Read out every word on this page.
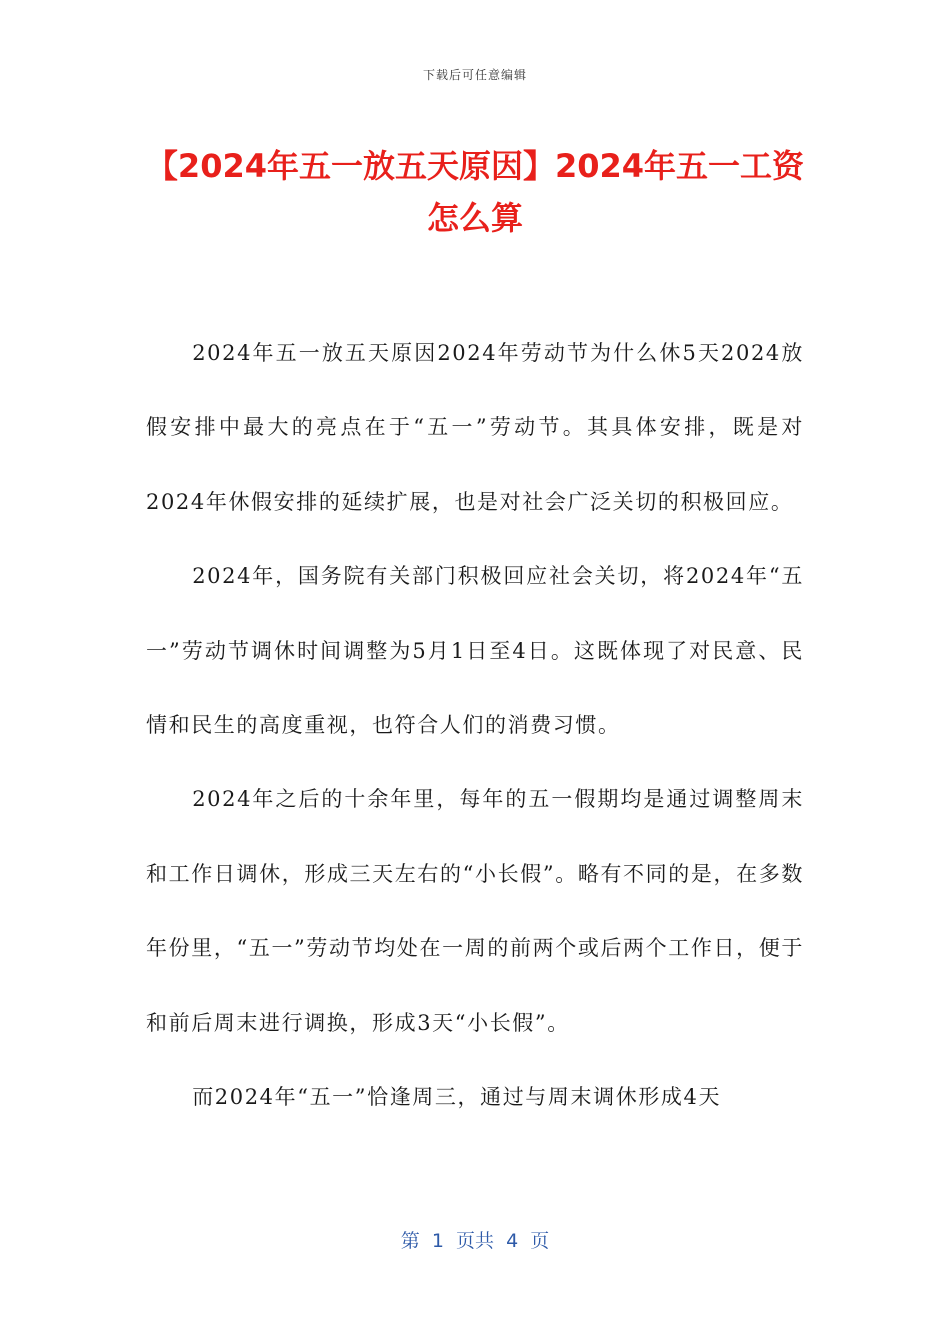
下载后可任意编辑
【2024年五一放五天原因】2024年五一工资怎么算

2024年五一放五天原因2024年劳动节为什么休5天2024放假安排中最大的亮点在于“五一”劳动节。其具体安排，既是对2024年休假安排的延续扩展，也是对社会广泛关切的积极回应。

2024年，国务院有关部门积极回应社会关切，将2024年“五一”劳动节调休时间调整为5月1日至4日。这既体现了对民意、民情和民生的高度重视，也符合人们的消费习惯。

2024年之后的十余年里，每年的五一假期均是通过调整周末和工作日调休，形成三天左右的“小长假”。略有不同的是，在多数年份里，“五一”劳动节均处在一周的前两个或后两个工作日，便于和前后周末进行调换，形成3天“小长假”。

而2024年“五一”恰逢周三，通过与周末调休形成4天

第  1  页共  4  页
